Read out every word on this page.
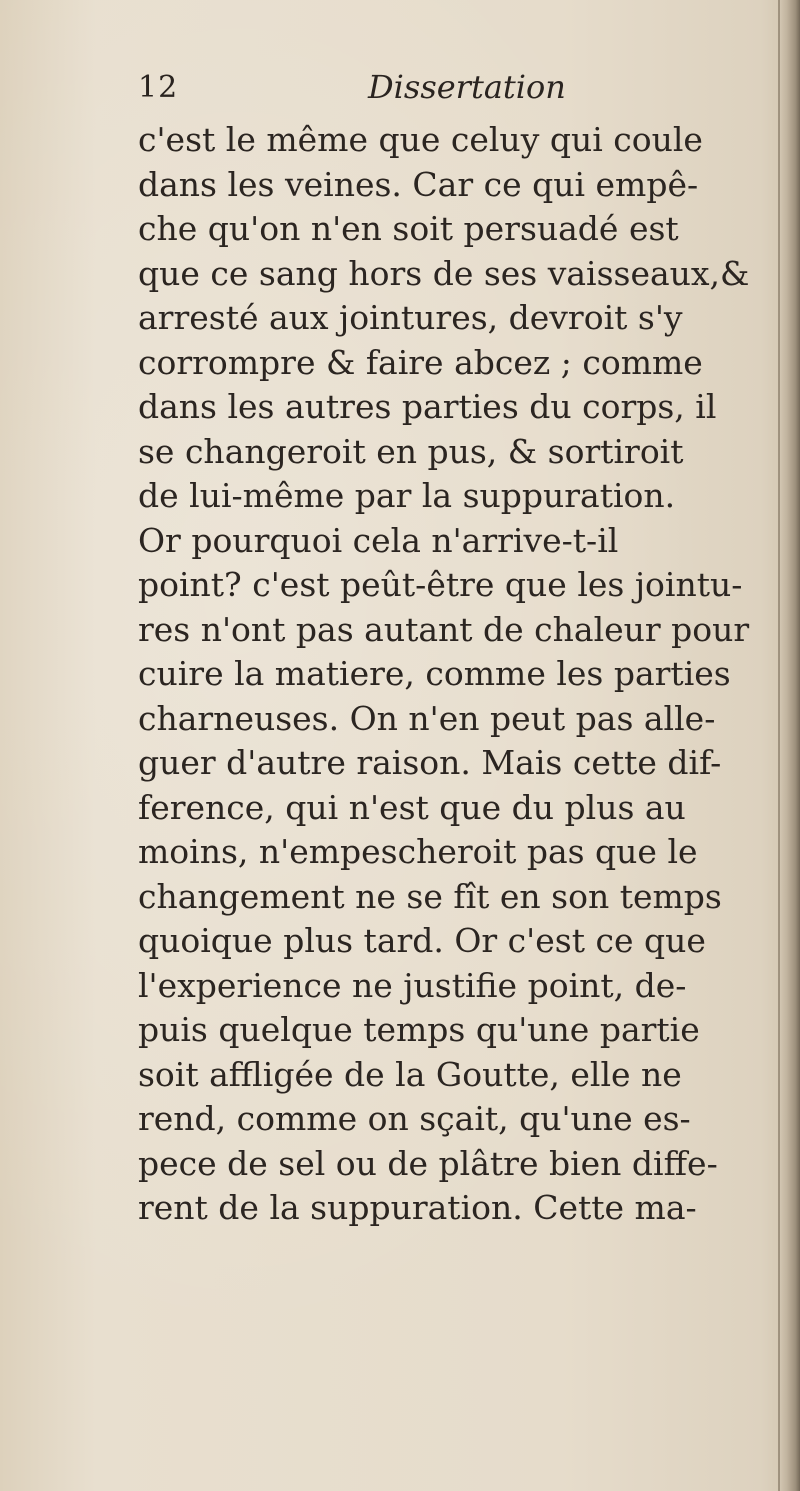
12	Dissertation
c'est le même que celuy qui coule
dans les veines. Car ce qui empê-
che qu'on n'en soit persuadé est
que ce sang hors de ses vaisseaux,&
arresté aux jointures, devroit s'y
corrompre & faire abcez ; comme
dans les autres parties du corps, il
se changeroit en pus, & sortiroit
de lui-même par la suppuration.
Or pourquoi cela n'arrive-t-il
point? c'est peût-être que les jointu-
res n'ont pas autant de chaleur pour
cuire la matiere, comme les parties
charneuses. On n'en peut pas alle-
guer d'autre raison. Mais cette dif-
ference, qui n'est que du plus au
moins, n'empescheroit pas que le
changement ne se fît en son temps
quoique plus tard. Or c'est ce que
l'experience ne justifie point, de-
puis quelque temps qu'une partie
soit affligée de la Goutte, elle ne
rend, comme on sçait, qu'une es-
pece de sel ou de plâtre bien diffe-
rent de la suppuration. Cette ma-
